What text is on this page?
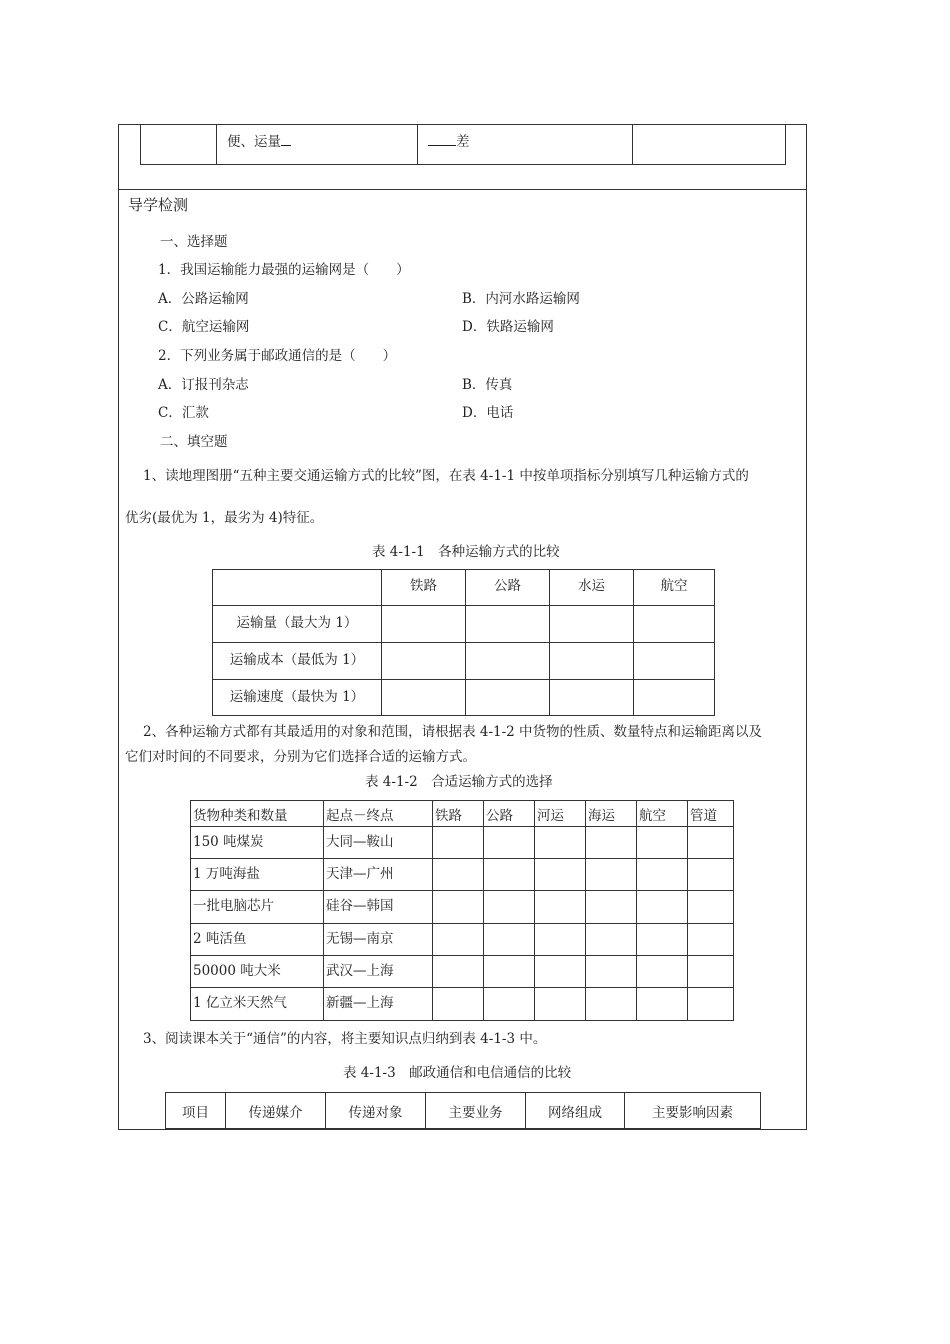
	便、运量	差	
导学检测
一、选择题
1．我国运输能力最强的运输网是（　　）
A．公路运输网	B．内河水路运输网
C．航空运输网	D．铁路运输网
2．下列业务属于邮政通信的是（　　）
A．订报刊杂志	B．传真
C．汇款	D．电话
二、填空题
1、读地理图册“五种主要交通运输方式的比较”图，在表 4-1-1 中按单项指标分别填写几种运输方式的
优劣(最优为 1，最劣为 4)特征。
表 4-1-1　各种运输方式的比较
	铁路	公路	水运	航空
运输量（最大为 1）				
运输成本（最低为 1）				
运输速度（最快为 1）				
2、各种运输方式都有其最适用的对象和范围，请根据表 4-1-2 中货物的性质、数量特点和运输距离以及
它们对时间的不同要求，分别为它们选择合适的运输方式。
表 4-1-2　合适运输方式的选择
货物种类和数量	起点－终点	铁路	公路	河运	海运	航空	管道
150 吨煤炭	大同—鞍山						
1 万吨海盐	天津—广州						
一批电脑芯片	硅谷—韩国						
2 吨活鱼	无锡—南京						
50000 吨大米	武汉—上海						
1 亿立米天然气	新疆—上海						
3、阅读课本关于“通信”的内容，将主要知识点归纳到表 4-1-3 中。
表 4-1-3　邮政通信和电信通信的比较
项目	传递媒介	传递对象	主要业务	网络组成	主要影响因素
